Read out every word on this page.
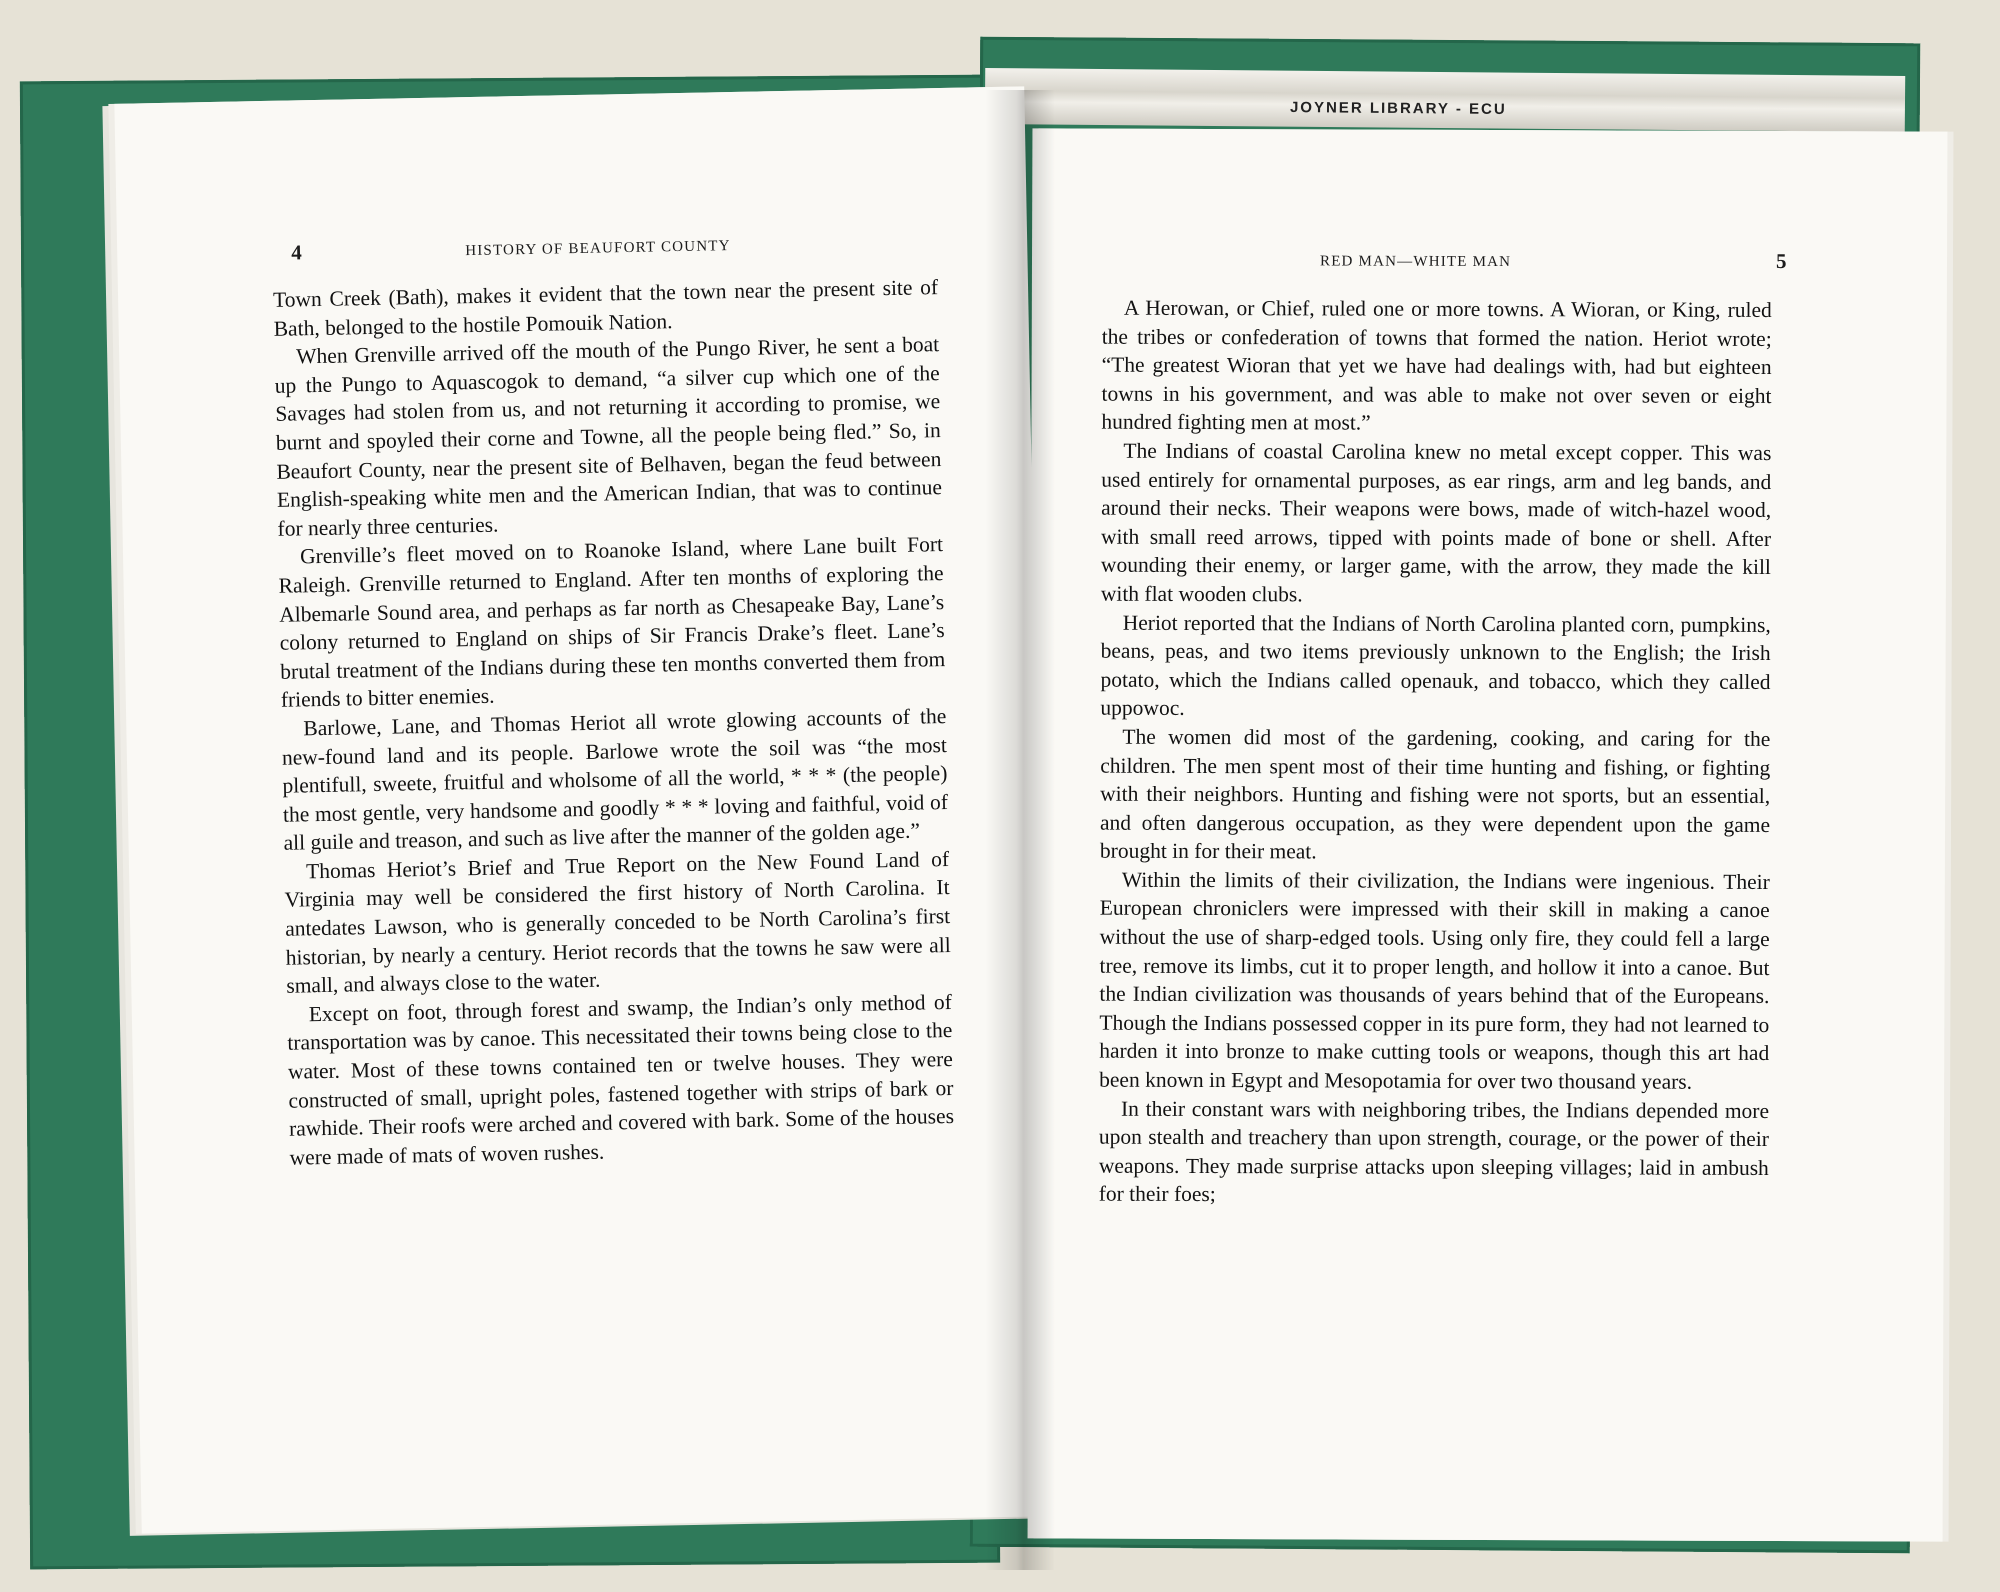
JOYNER LIBRARY - ECU
4	HISTORY OF BEAUFORT COUNTY

Town Creek (Bath), makes it evident that the town near the present site of Bath, belonged to the hostile Pomouik Nation.

When Grenville arrived off the mouth of the Pungo River, he sent a boat up the Pungo to Aquascogok to demand, “a silver cup which one of the Savages had stolen from us, and not returning it according to promise, we burnt and spoyled their corne and Towne, all the people being fled.” So, in Beaufort County, near the present site of Belhaven, began the feud between English-speaking white men and the American Indian, that was to continue for nearly three centuries.

Grenville’s fleet moved on to Roanoke Island, where Lane built Fort Raleigh. Grenville returned to England. After ten months of exploring the Albemarle Sound area, and perhaps as far north as Chesapeake Bay, Lane’s colony returned to England on ships of Sir Francis Drake’s fleet. Lane’s brutal treatment of the Indians during these ten months converted them from friends to bitter enemies.

Barlowe, Lane, and Thomas Heriot all wrote glowing accounts of the new-found land and its people. Barlowe wrote the soil was “the most plentifull, sweete, fruitful and wholsome of all the world, * * * (the people) the most gentle, very handsome and goodly * * * loving and faithful, void of all guile and treason, and such as live after the manner of the golden age.”

Thomas Heriot’s Brief and True Report on the New Found Land of Virginia may well be considered the first history of North Carolina. It antedates Lawson, who is generally conceded to be North Carolina’s first historian, by nearly a century. Heriot records that the towns he saw were all small, and always close to the water.

Except on foot, through forest and swamp, the Indian’s only method of transportation was by canoe. This necessitated their towns being close to the water. Most of these towns contained ten or twelve houses. They were constructed of small, upright poles, fastened together with strips of bark or rawhide. Their roofs were arched and covered with bark. Some of the houses were made of mats of woven rushes.

RED MAN—WHITE MAN	5

A Herowan, or Chief, ruled one or more towns. A Wioran, or King, ruled the tribes or confederation of towns that formed the nation. Heriot wrote; “The greatest Wioran that yet we have had dealings with, had but eighteen towns in his government, and was able to make not over seven or eight hundred fighting men at most.”

The Indians of coastal Carolina knew no metal except copper. This was used entirely for ornamental purposes, as ear rings, arm and leg bands, and around their necks. Their weapons were bows, made of witch-hazel wood, with small reed arrows, tipped with points made of bone or shell. After wounding their enemy, or larger game, with the arrow, they made the kill with flat wooden clubs.

Heriot reported that the Indians of North Carolina planted corn, pumpkins, beans, peas, and two items previously unknown to the English; the Irish potato, which the Indians called openauk, and tobacco, which they called uppowoc.

The women did most of the gardening, cooking, and caring for the children. The men spent most of their time hunting and fishing, or fighting with their neighbors. Hunting and fishing were not sports, but an essential, and often dangerous occupation, as they were dependent upon the game brought in for their meat.

Within the limits of their civilization, the Indians were ingenious. Their European chroniclers were impressed with their skill in making a canoe without the use of sharp-edged tools. Using only fire, they could fell a large tree, remove its limbs, cut it to proper length, and hollow it into a canoe. But the Indian civilization was thousands of years behind that of the Europeans. Though the Indians possessed copper in its pure form, they had not learned to harden it into bronze to make cutting tools or weapons, though this art had been known in Egypt and Mesopotamia for over two thousand years.

In their constant wars with neighboring tribes, the Indians depended more upon stealth and treachery than upon strength, courage, or the power of their weapons. They made surprise attacks upon sleeping villages; laid in ambush for their foes;
